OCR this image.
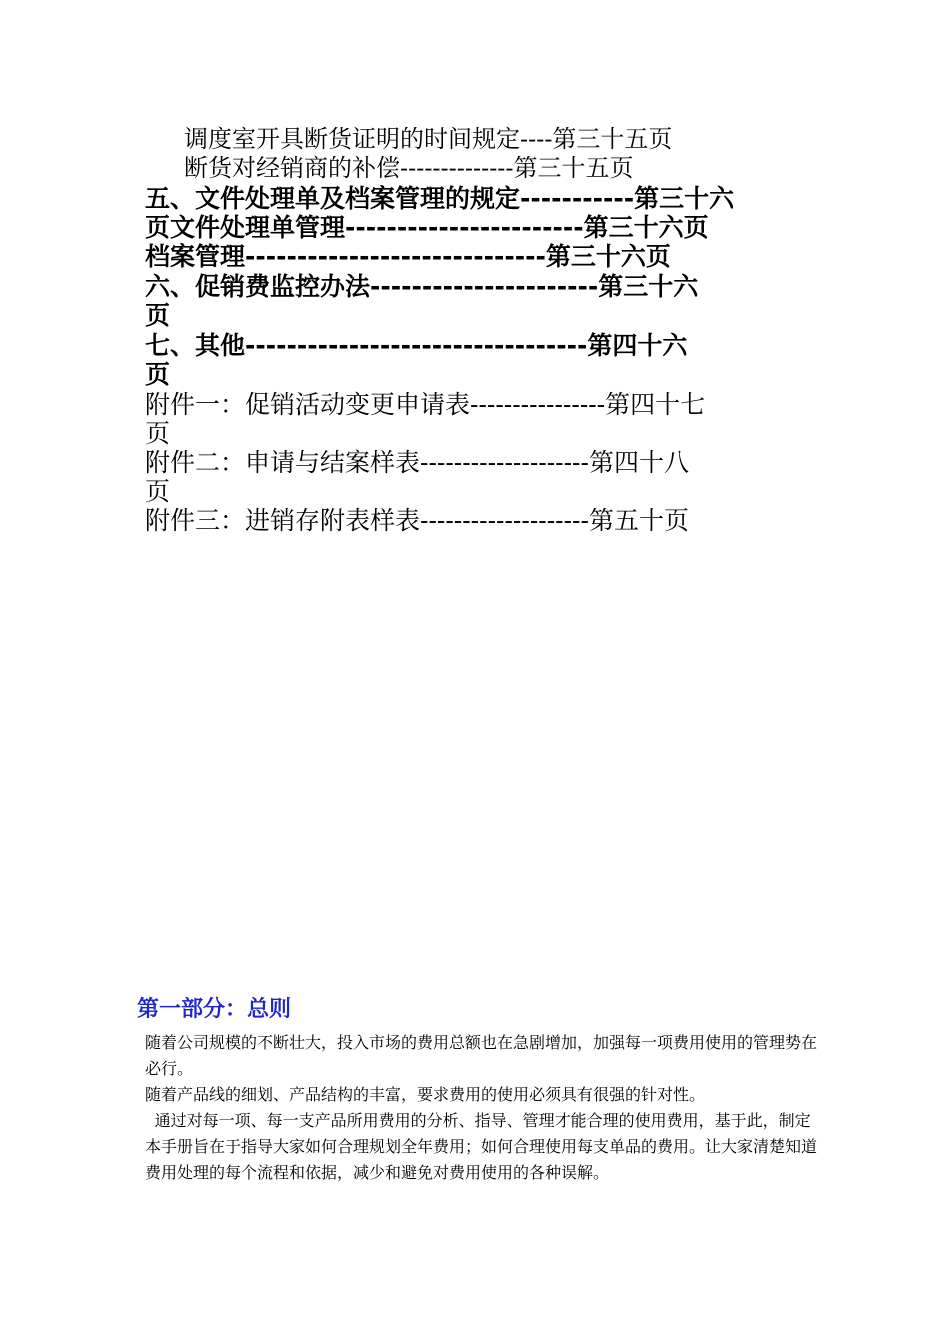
调度室开具断货证明的时间规定----第三十五页
断货对经销商的补偿--------------第三十五页
五、文件处理单及档案管理的规定-----------第三十六
页文件处理单管理-----------------------第三十六页
档案管理-----------------------------第三十六页
六、促销费监控办法----------------------第三十六
页
七、其他---------------------------------第四十六
页
附件一：促销活动变更申请表----------------第四十七
页
附件二：申请与结案样表--------------------第四十八
页
附件三：进销存附表样表--------------------第五十页
第一部分：总则

随着公司规模的不断壮大，投入市场的费用总额也在急剧增加，加强每一项费用使用的管理势在必行。

随着产品线的细划、产品结构的丰富，要求费用的使用必须具有很强的针对性。

通过对每一项、每一支产品所用费用的分析、指导、管理才能合理的使用费用，基于此，制定本手册旨在于指导大家如何合理规划全年费用；如何合理使用每支单品的费用。让大家清楚知道费用处理的每个流程和依据，减少和避免对费用使用的各种误解。
